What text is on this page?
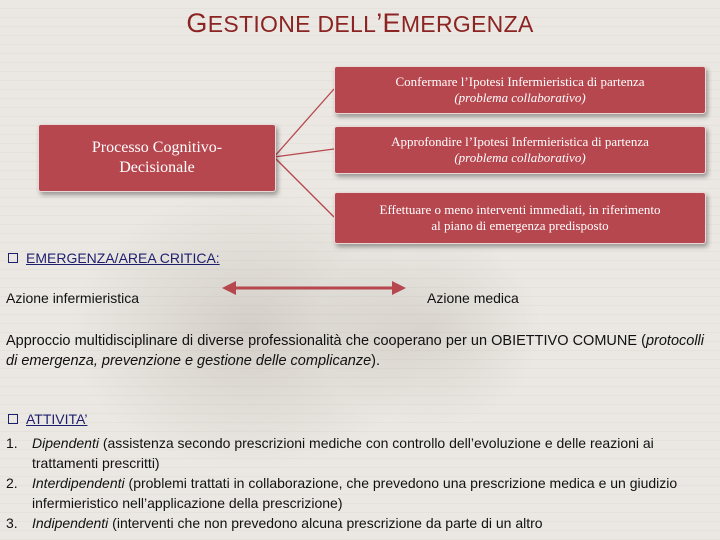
GESTIONE DELL’EMERGENZA
Processo Cognitivo-
Decisionale
Confermare l’Ipotesi Infermieristica di partenza
(problema collaborativo)
Approfondire l’Ipotesi Infermieristica di partenza
(problema collaborativo)
Effettuare o meno interventi immediati, in riferimento
al piano di emergenza predisposto
EMERGENZA/AREA CRITICA:
Azione infermieristica	Azione medica
Approccio multidisciplinare di diverse professionalità che cooperano per un OBIETTIVO COMUNE (protocolli di emergenza, prevenzione e gestione delle complicanze).
ATTIVITA’
1. Dipendenti (assistenza secondo prescrizioni mediche con controllo dell’evoluzione e delle reazioni ai trattamenti prescritti)
2. Interdipendenti (problemi trattati in collaborazione, che prevedono una prescrizione medica e un giudizio infermieristico nell’applicazione della prescrizione)
3. Indipendenti (interventi che non prevedono alcuna prescrizione da parte di un altro
